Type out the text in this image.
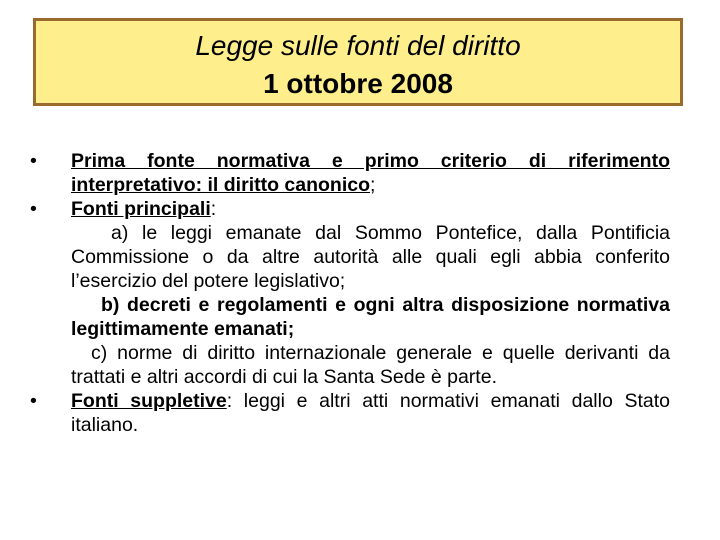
Legge sulle fonti del diritto
1 ottobre 2008
•	Prima fonte normativa e primo criterio di riferimento interpretativo: il diritto canonico;
•	Fonti principali:
a) le leggi emanate dal Sommo Pontefice, dalla Pontificia Commissione o da altre autorità alle quali egli abbia conferito l’esercizio del potere legislativo;
b) decreti e regolamenti e ogni altra disposizione normativa legittimamente emanati;
c) norme di diritto internazionale generale e quelle derivanti da trattati e altri accordi di cui la Santa Sede è parte.
•	Fonti suppletive: leggi e altri atti normativi emanati dallo Stato italiano.
